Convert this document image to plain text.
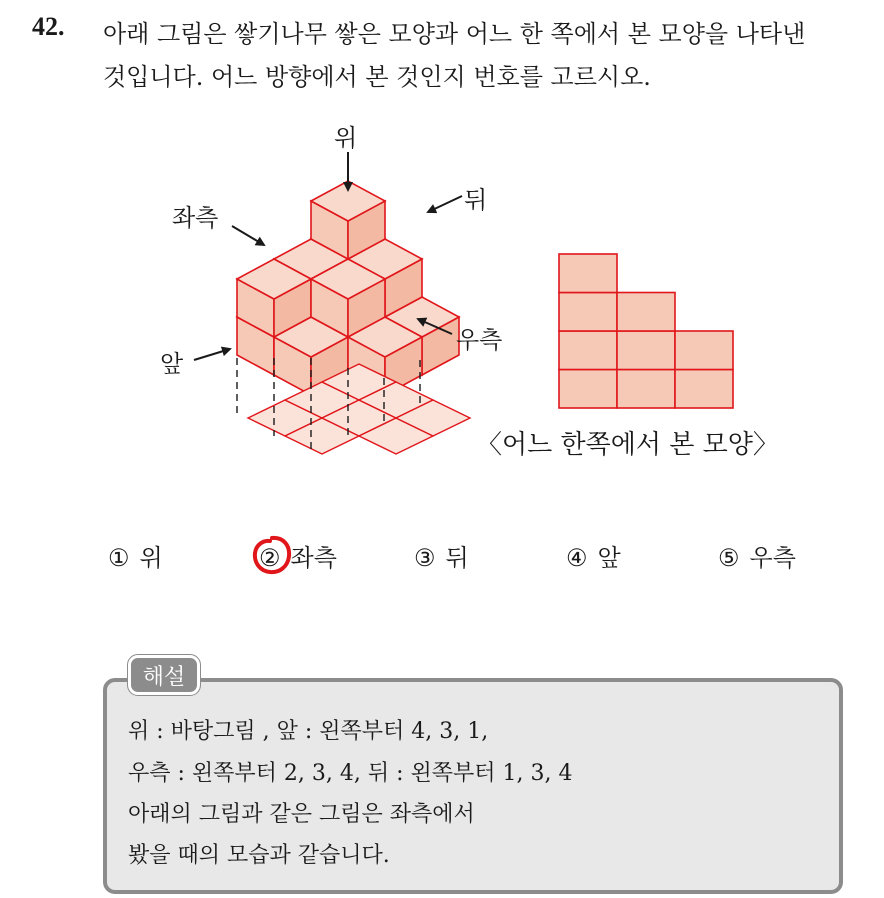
42. 아래 그림은 쌓기나무 쌓은 모양과 어느 한 쪽에서 본 모양을 나타낸
것입니다. 어느 방향에서 본 것인지 번호를 고르시오.
위
뒤
좌측
우측
앞
〈어느 한쪽에서 본 모양〉
① 위	② 좌측	③ 뒤	④ 앞	⑤ 우측
해설
위 : 바탕그림 , 앞 : 왼쪽부터 4, 3, 1,
우측 : 왼쪽부터 2, 3, 4, 뒤 : 왼쪽부터 1, 3, 4
아래의 그림과 같은 그림은 좌측에서
봤을 때의 모습과 같습니다.
